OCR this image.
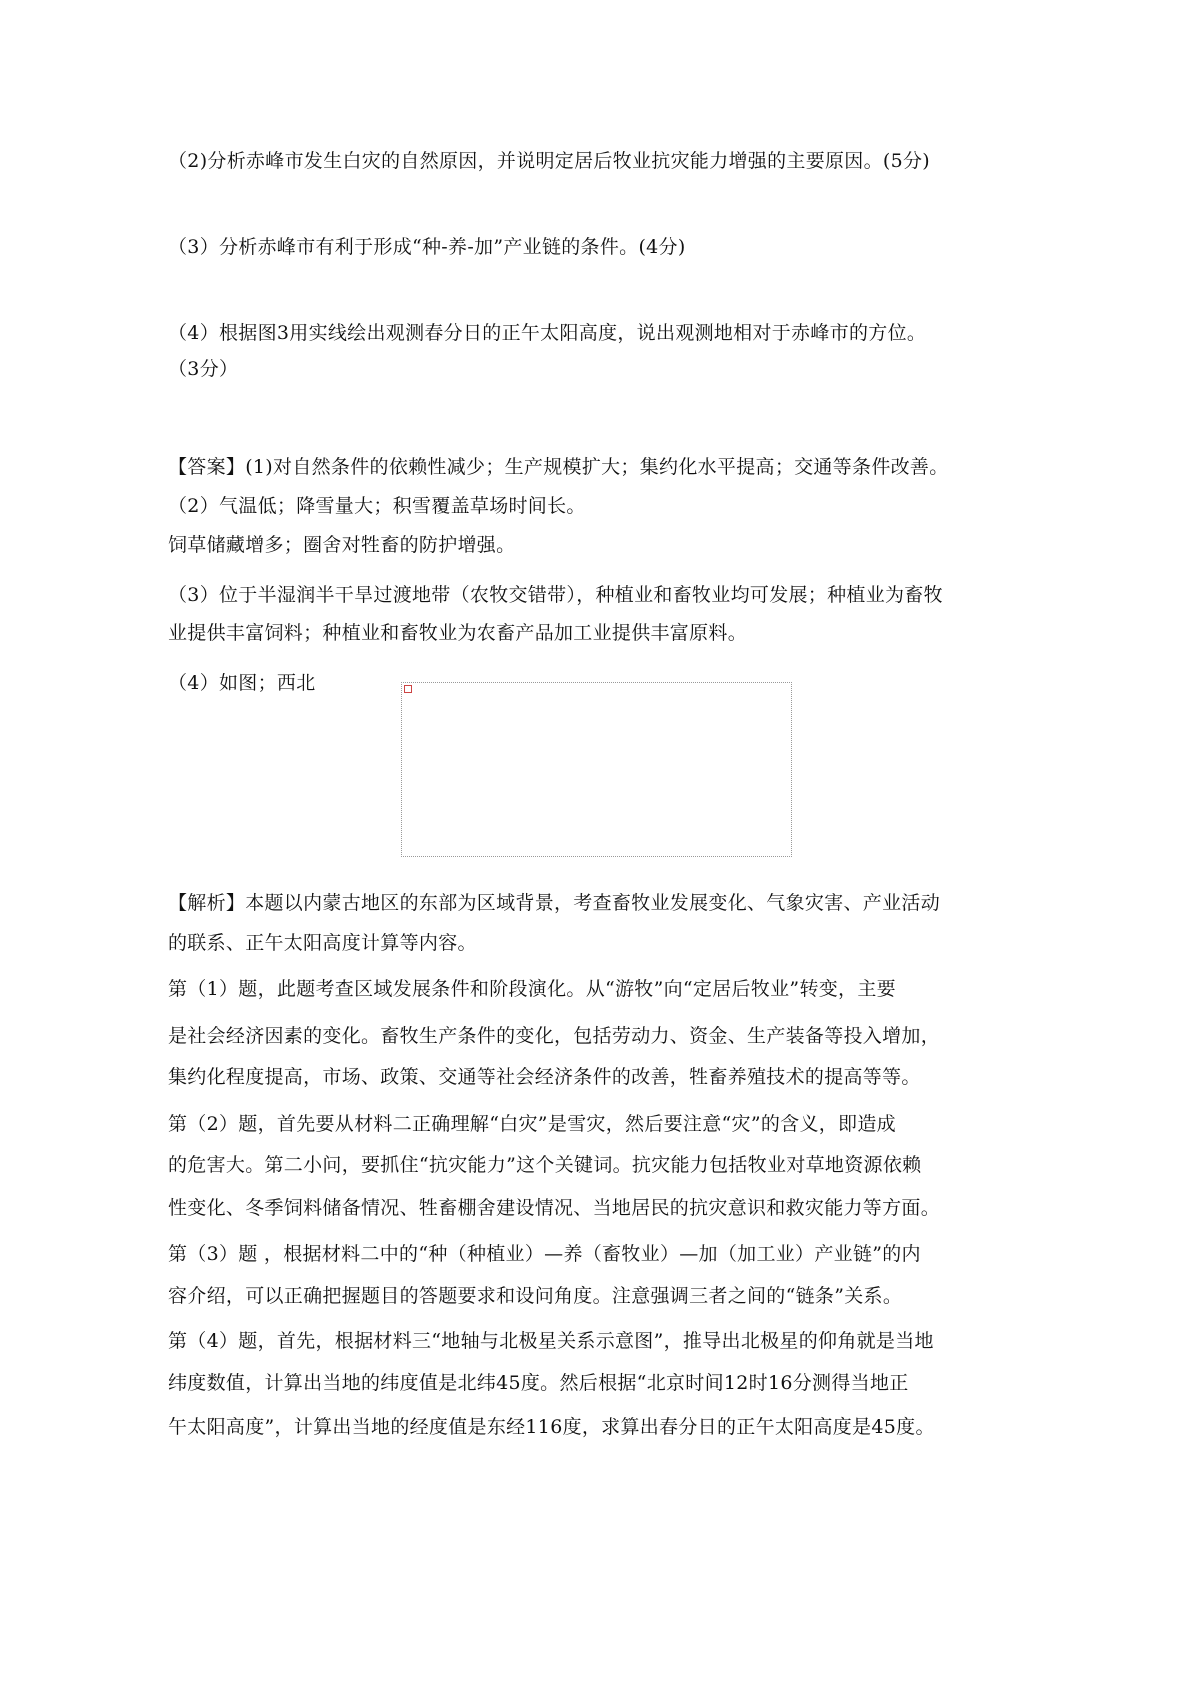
（2)分析赤峰市发生白灾的自然原因，并说明定居后牧业抗灾能力增强的主要原因。(5分)
（3）分析赤峰市有利于形成“种-养-加”产业链的条件。(4分)
（4）根据图3用实线绘出观测春分日的正午太阳高度，说出观测地相对于赤峰市的方位。
（3分）
【答案】(1)对自然条件的依赖性减少；生产规模扩大；集约化水平提高；交通等条件改善。
（2）气温低；降雪量大；积雪覆盖草场时间长。
饲草储藏增多；圈舍对牲畜的防护增强。
（3）位于半湿润半干旱过渡地带（农牧交错带），种植业和畜牧业均可发展；种植业为畜牧
业提供丰富饲料；种植业和畜牧业为农畜产品加工业提供丰富原料。
（4）如图；西北
【解析】本题以内蒙古地区的东部为区域背景，考查畜牧业发展变化、气象灾害、产业活动
的联系、正午太阳高度计算等内容。
第（1）题，此题考查区域发展条件和阶段演化。从“游牧”向“定居后牧业”转变，主要
是社会经济因素的变化。畜牧生产条件的变化，包括劳动力、资金、生产装备等投入增加，
集约化程度提高，市场、政策、交通等社会经济条件的改善，牲畜养殖技术的提高等等。
第（2）题，首先要从材料二正确理解“白灾”是雪灾，然后要注意“灾”的含义，即造成
的危害大。第二小问，要抓住“抗灾能力”这个关键词。抗灾能力包括牧业对草地资源依赖
性变化、冬季饲料储备情况、牲畜棚舍建设情况、当地居民的抗灾意识和救灾能力等方面。
第（3）题 ，根据材料二中的“种（种植业）—养（畜牧业）—加（加工业）产业链”的内
容介绍，可以正确把握题目的答题要求和设问角度。注意强调三者之间的“链条”关系。
第（4）题，首先，根据材料三“地轴与北极星关系示意图”，推导出北极星的仰角就是当地
纬度数值，计算出当地的纬度值是北纬45度。然后根据“北京时间12时16分测得当地正
午太阳高度”，计算出当地的经度值是东经116度，求算出春分日的正午太阳高度是45度。
